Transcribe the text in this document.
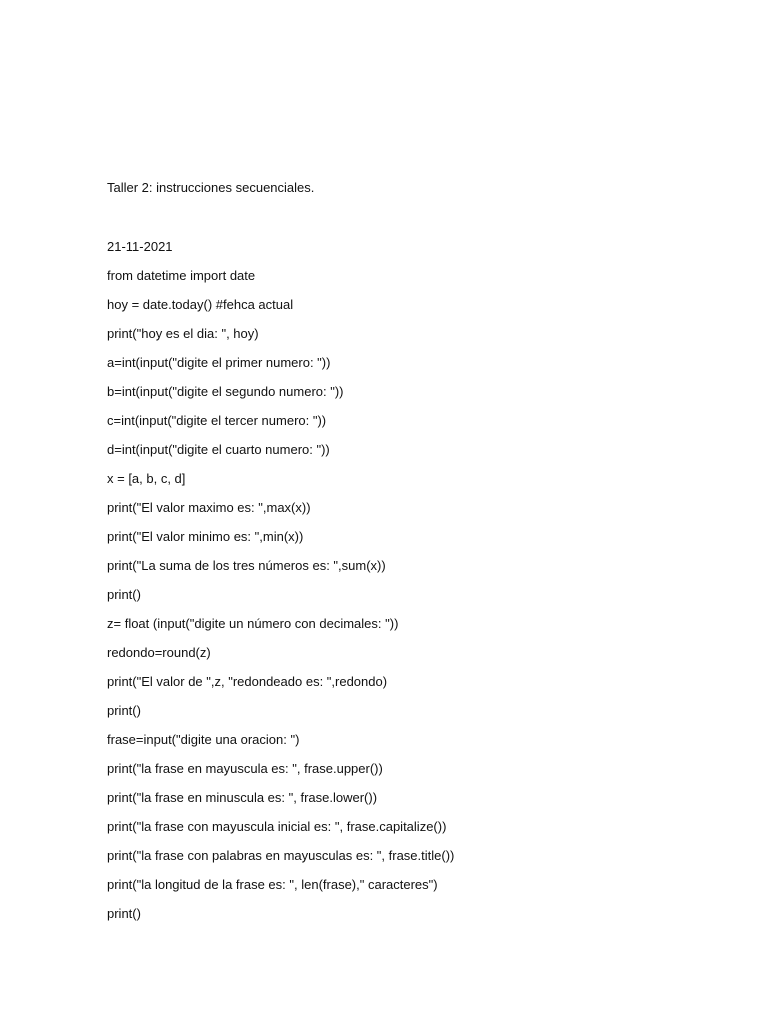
Taller 2: instrucciones secuenciales.
21-11-2021
from datetime import date
hoy = date.today() #fehca actual
print("hoy es el dia: ", hoy)
a=int(input("digite el primer numero: "))
b=int(input("digite el segundo numero: "))
c=int(input("digite el tercer numero: "))
d=int(input("digite el cuarto numero: "))
x = [a, b, c, d]
print("El valor maximo es: ",max(x))
print("El valor minimo es: ",min(x))
print("La suma de los tres números es: ",sum(x))
print()
z= float (input("digite un número con decimales: "))
redondo=round(z)
print("El valor de ",z, "redondeado es: ",redondo)
print()
frase=input("digite una oracion: ")
print("la frase en mayuscula es: ", frase.upper())
print("la frase en minuscula es: ", frase.lower())
print("la frase con mayuscula inicial es: ", frase.capitalize())
print("la frase con palabras en mayusculas es: ", frase.title())
print("la longitud de la frase es: ", len(frase)," caracteres")
print()
